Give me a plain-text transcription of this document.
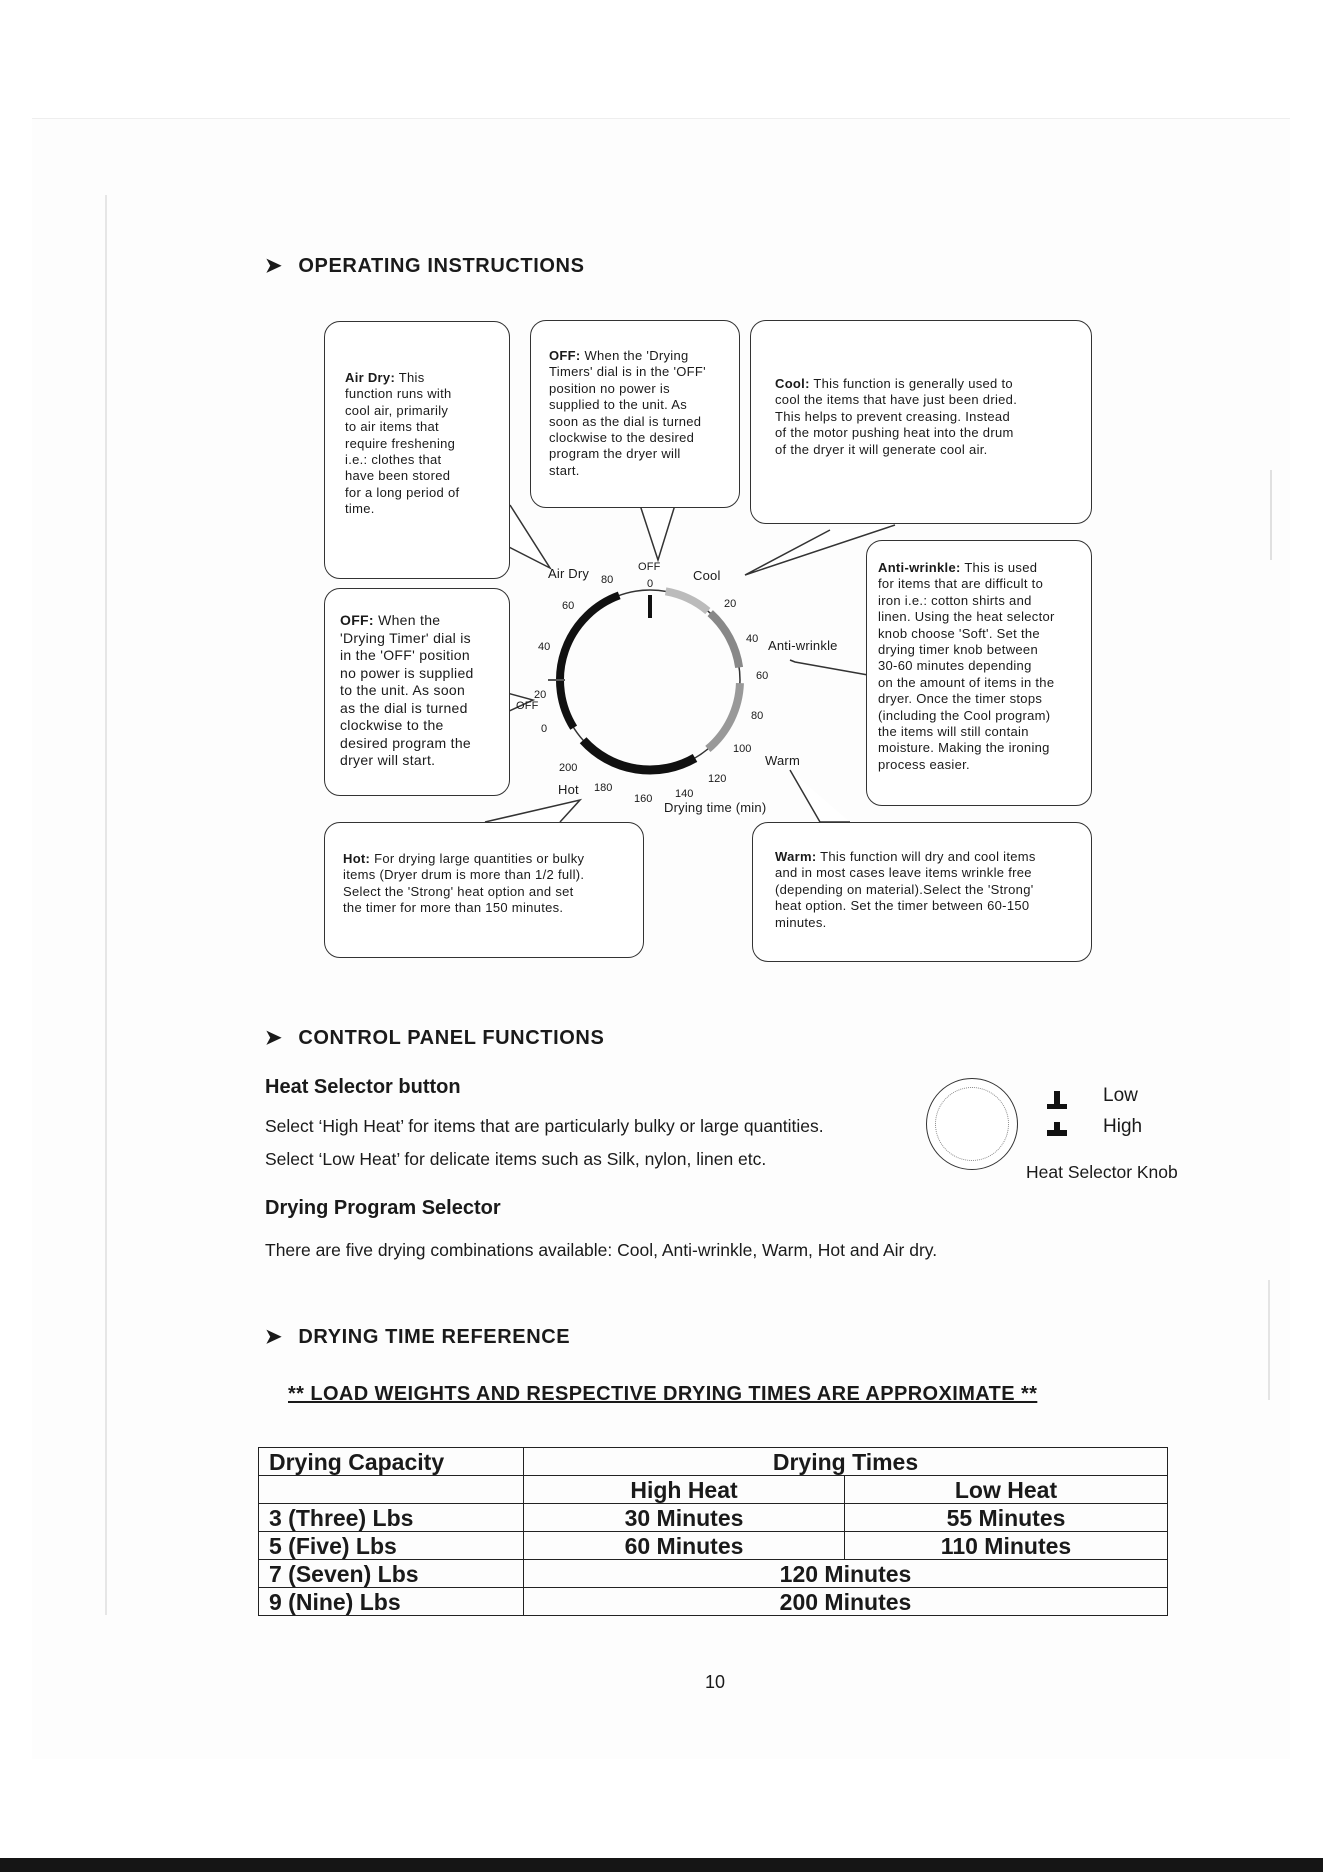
➤ OPERATING INSTRUCTIONS
Air Dry: This
function runs with
cool air, primarily
to air items that
require freshening
i.e.: clothes that
have been stored
for a long period of
time.
OFF: When the 'Drying
Timers' dial is in the 'OFF'
position no power is
supplied to the unit. As
soon as the dial is turned
clockwise to the desired
program the dryer will
start.
Cool: This function is generally used to
cool the items that have just been dried.
This helps to prevent creasing. Instead
of the motor pushing heat into the drum
of the dryer it will generate cool air.
OFF: When the
'Drying Timer' dial is
in the 'OFF' position
no power is supplied
to the unit. As soon
as the dial is turned
clockwise to the
desired program the
dryer will start.
Anti-wrinkle: This is used
for items that are difficult to
iron i.e.: cotton shirts and
linen. Using the heat selector
knob choose 'Soft'. Set the
drying timer knob between
30-60 minutes depending
on the amount of items in the
dryer. Once the timer stops
(including the Cool program)
the items will still contain
moisture. Making the ironing
process easier.
Hot: For drying large quantities or bulky
items (Dryer drum is more than 1/2 full).
Select the 'Strong' heat option and set
the timer for more than 150 minutes.
Warm: This function will dry and cool items
and in most cases leave items wrinkle free
(depending on material).Select the 'Strong'
heat option. Set the timer between 60-150
minutes.
Air Dry	OFF
Cool
Anti-wrinkle
Warm
Hot
OFF
Drying time (min)
80	0
60	20
40
40
60
20
0
80
100
200
120
180
160 140
➤ CONTROL PANEL FUNCTIONS
Heat Selector button
Select ‘High Heat’ for items that are particularly bulky or large quantities.
Select ‘Low Heat’ for delicate items such as Silk, nylon, linen etc.
Low
High
Heat Selector Knob
Drying Program Selector
There are five drying combinations available: Cool, Anti-wrinkle, Warm, Hot and Air dry.
➤ DRYING TIME REFERENCE
** LOAD WEIGHTS AND RESPECTIVE DRYING TIMES ARE APPROXIMATE **
Drying Capacity	Drying Times	
	High Heat	Low Heat
3 (Three) Lbs	30 Minutes	55 Minutes
5 (Five) Lbs	60 Minutes	110 Minutes
7 (Seven) Lbs	120 Minutes	
9 (Nine) Lbs	200 Minutes	
10
